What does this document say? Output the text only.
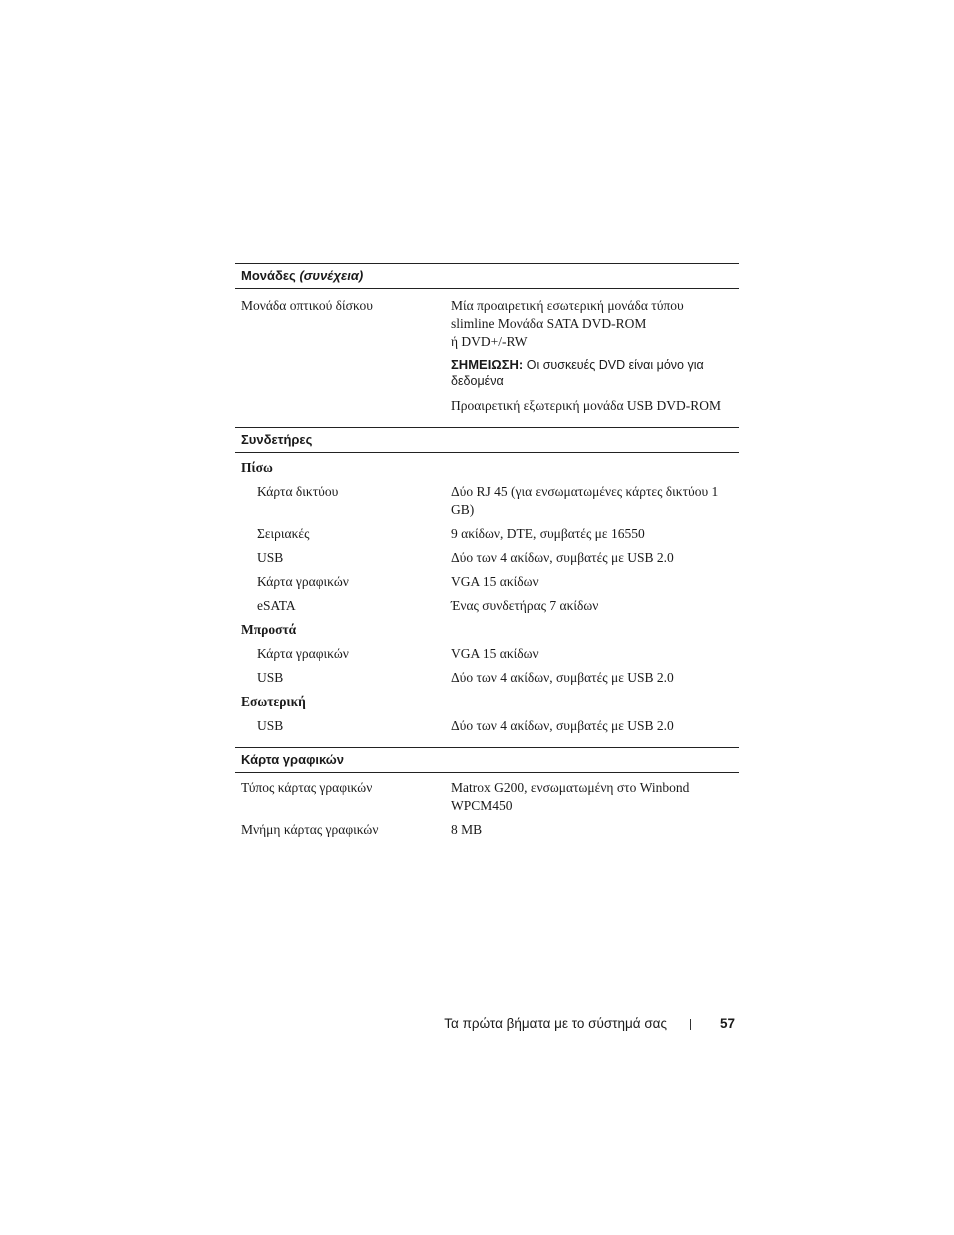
Μονάδες (συνέχεια)
Μονάδα οπτικού δίσκου	Μία προαιρετική εσωτερική μονάδα τύπου
slimline Μονάδα SATA DVD-ROM
ή DVD+/-RW
ΣΗΜΕΙΩΣΗ: Οι συσκευές DVD είναι μόνο για δεδομένα
Προαιρετική εξωτερική μονάδα USB DVD-ROM
Συνδετήρες
Πίσω
Κάρτα δικτύου	Δύο RJ 45 (για ενσωματωμένες κάρτες δικτύου 1 GB)
Σειριακές	9 ακίδων, DTE, συμβατές με 16550
USB	Δύο των 4 ακίδων, συμβατές με USB 2.0
Κάρτα γραφικών	VGA 15 ακίδων
eSATA	Ένας συνδετήρας 7 ακίδων
Μπροστά
Κάρτα γραφικών	VGA 15 ακίδων
USB	Δύο των 4 ακίδων, συμβατές με USB 2.0
Εσωτερική
USB	Δύο των 4 ακίδων, συμβατές με USB 2.0
Κάρτα γραφικών
Τύπος κάρτας γραφικών	Matrox G200, ενσωματωμένη στο Winbond WPCM450
Μνήμη κάρτας γραφικών	8 MB
Τα πρώτα βήματα με το σύστημά σας	57
